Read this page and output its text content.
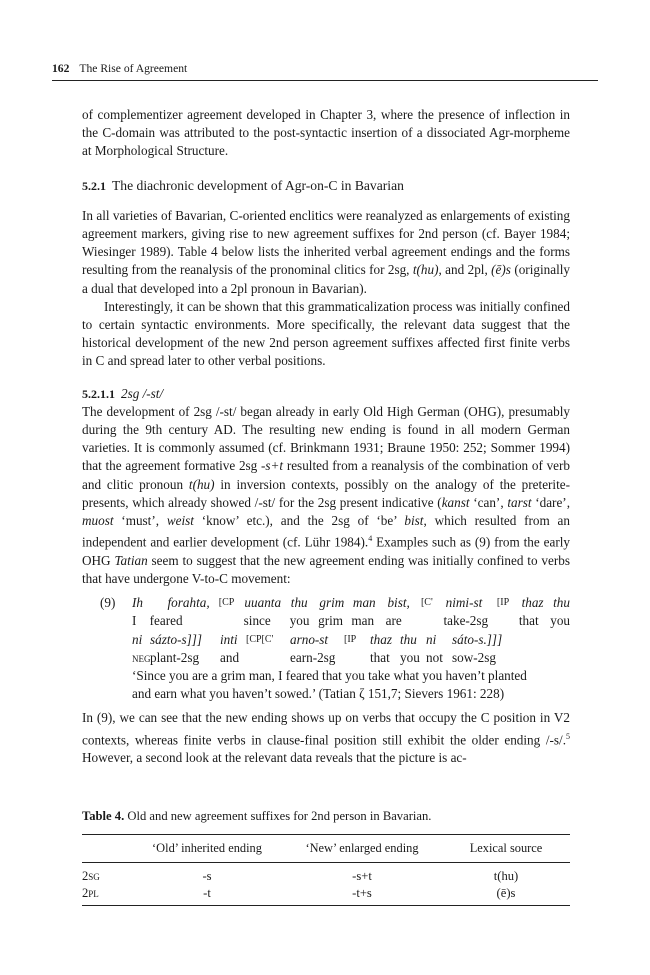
162 The Rise of Agreement

of complementizer agreement developed in Chapter 3, where the presence of inflection in the C-domain was attributed to the post-syntactic insertion of a dissociated Agr-morpheme at Morphological Structure.

5.2.1 The diachronic development of Agr-on-C in Bavarian

In all varieties of Bavarian, C-oriented enclitics were reanalyzed as enlargements of existing agreement markers, giving rise to new agreement suffixes for 2nd person (cf. Bayer 1984; Wiesinger 1989). Table 4 below lists the inherited verbal agreement endings and the forms resulting from the reanalysis of the pronominal clitics for 2sg, t(hu), and 2pl, (ē)s (originally a dual that developed into a 2pl pronoun in Bavarian).

Interestingly, it can be shown that this grammaticalization process was initially confined to certain syntactic environments. More specifically, the relevant data suggest that the historical development of the new 2nd person agreement suffixes affected first finite verbs in C and spread later to other verbal positions.

5.2.1.1 2sg /-st/

The development of 2sg /-st/ began already in early Old High German (OHG), presumably during the 9th century AD. The resulting new ending is found in all modern German varieties. It is commonly assumed (cf. Brinkmann 1931; Braune 1950: 252; Sommer 1994) that the agreement formative 2sg -s+t resulted from a reanalysis of the combination of verb and clitic pronoun t(hu) in inversion contexts, possibly on the analogy of the preterite-presents, which already showed /-st/ for the 2sg present indicative (kanst ‘can’, tarst ‘dare’, muost ‘must’, weist ‘know’ etc.), and the 2sg of ‘be’ bist, which resulted from an independent and earlier development (cf. Lühr 1984).$^4$ Examples such as (9) from the early OHG Tatian seem to suggest that the new agreement ending was initially confined to verbs that have undergone V-to-C movement:

(9) Ih	forahta, [CP uuanta thu grim man bist,	[C' nimi-st	[IP thaz thu
I	feared	since	you grim man are	take-2sg	that you
ni sázto-s]]]	inti [CP[C'	arno-st	[IP	thaz thu ni	sáto-s.]]]
neg plant-2sg	and	earn-2sg	that you not sow-2sg
‘Since you are a grim man, I feared that you take what you haven’t planted
and earn what you haven’t sowed.’ (Tatian ζ 151,7; Sievers 1961: 228)

In (9), we can see that the new ending shows up on verbs that occupy the C position in V2 contexts, whereas finite verbs in clause-final position still exhibit the older ending /-s/.$^5$ However, a second look at the relevant data reveals that the picture is ac-

Table 4. Old and new agreement suffixes for 2nd person in Bavarian.
	‘Old’ inherited ending	‘New’ enlarged ending	Lexical source
2sg	-s	-s+t	t(hu)
2pl	-t	-t+s	(ē)s
